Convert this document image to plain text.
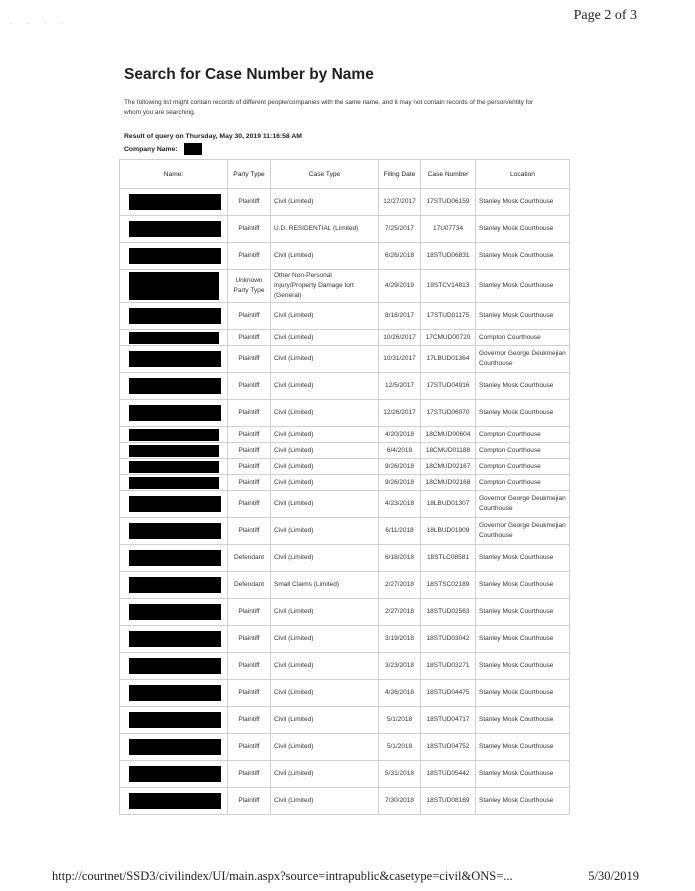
. . . .	Page 2 of 3
Search for Case Number by Name
The following list might contain records of different people/companies with the same name, and it may not contain records of the person/entity for whom you are searching.
Result of query on Thursday, May 30, 2019 11:16:58 AM
Company Name:
Name:	Party Type	Case Type	Filing Date	Case Number	Location

	Plaintiff	Civil (Limited)	12/27/2017	17STUD06159	Stanley Mosk Courthouse

	Plaintiff	U.D. RESIDENTIAL (Limited)	7/25/2017	17U07734	Stanley Mosk Courthouse

	Plaintiff	Civil (Limited)	6/26/2018	18STUD06831	Stanley Mosk Courthouse

	Unknown Party Type	Other Non-Personal Injury/Property Damage tort (General)	4/29/2019	19STCV14813	Stanley Mosk Courthouse

	Plaintiff	Civil (Limited)	8/18/2017	17STUD01175	Stanley Mosk Courthouse

	Plaintiff	Civil (Limited)	10/26/2017	17CMUD00720	Compton Courthouse

	Plaintiff	Civil (Limited)	10/31/2017	17LBUD01364	Governor George Deukmejian Courthouse

	Plaintiff	Civil (Limited)	12/5/2017	17STUD04916	Stanley Mosk Courthouse

	Plaintiff	Civil (Limited)	12/26/2017	17STUD06070	Stanley Mosk Courthouse

	Plaintiff	Civil (Limited)	4/20/2018	18CMUD00604	Compton Courthouse

	Plaintiff	Civil (Limited)	6/4/2018	18CMUD01188	Compton Courthouse

	Plaintiff	Civil (Limited)	9/26/2018	18CMUD02167	Compton Courthouse

	Plaintiff	Civil (Limited)	9/26/2018	18CMUD02168	Compton Courthouse

	Plaintiff	Civil (Limited)	4/23/2018	18LBUD01307	Governor George Deukmejian Courthouse

	Plaintiff	Civil (Limited)	6/11/2018	18LBUD01909	Governor George Deukmejian Courthouse

	Defendant	Civil (Limited)	6/18/2018	18STLC08581	Stanley Mosk Courthouse

	Defendant	Small Claims (Limited)	2/27/2018	18STSC02189	Stanley Mosk Courthouse

	Plaintiff	Civil (Limited)	2/27/2018	18STUD02563	Stanley Mosk Courthouse

	Plaintiff	Civil (Limited)	3/19/2018	18STUD03042	Stanley Mosk Courthouse

	Plaintiff	Civil (Limited)	3/23/2018	18STUD03271	Stanley Mosk Courthouse

	Plaintiff	Civil (Limited)	4/26/2018	18STUD04475	Stanley Mosk Courthouse

	Plaintiff	Civil (Limited)	5/1/2018	18STUD04717	Stanley Mosk Courthouse

	Plaintiff	Civil (Limited)	5/1/2018	18STUD04752	Stanley Mosk Courthouse

	Plaintiff	Civil (Limited)	5/31/2018	18STUD05442	Stanley Mosk Courthouse

	Plaintiff	Civil (Limited)	7/30/2018	18STUD08169	Stanley Mosk Courthouse
http://courtnet/SSD3/civilindex/UI/main.aspx?source=intrapublic&casetype=civil&ONS=...	5/30/2019
